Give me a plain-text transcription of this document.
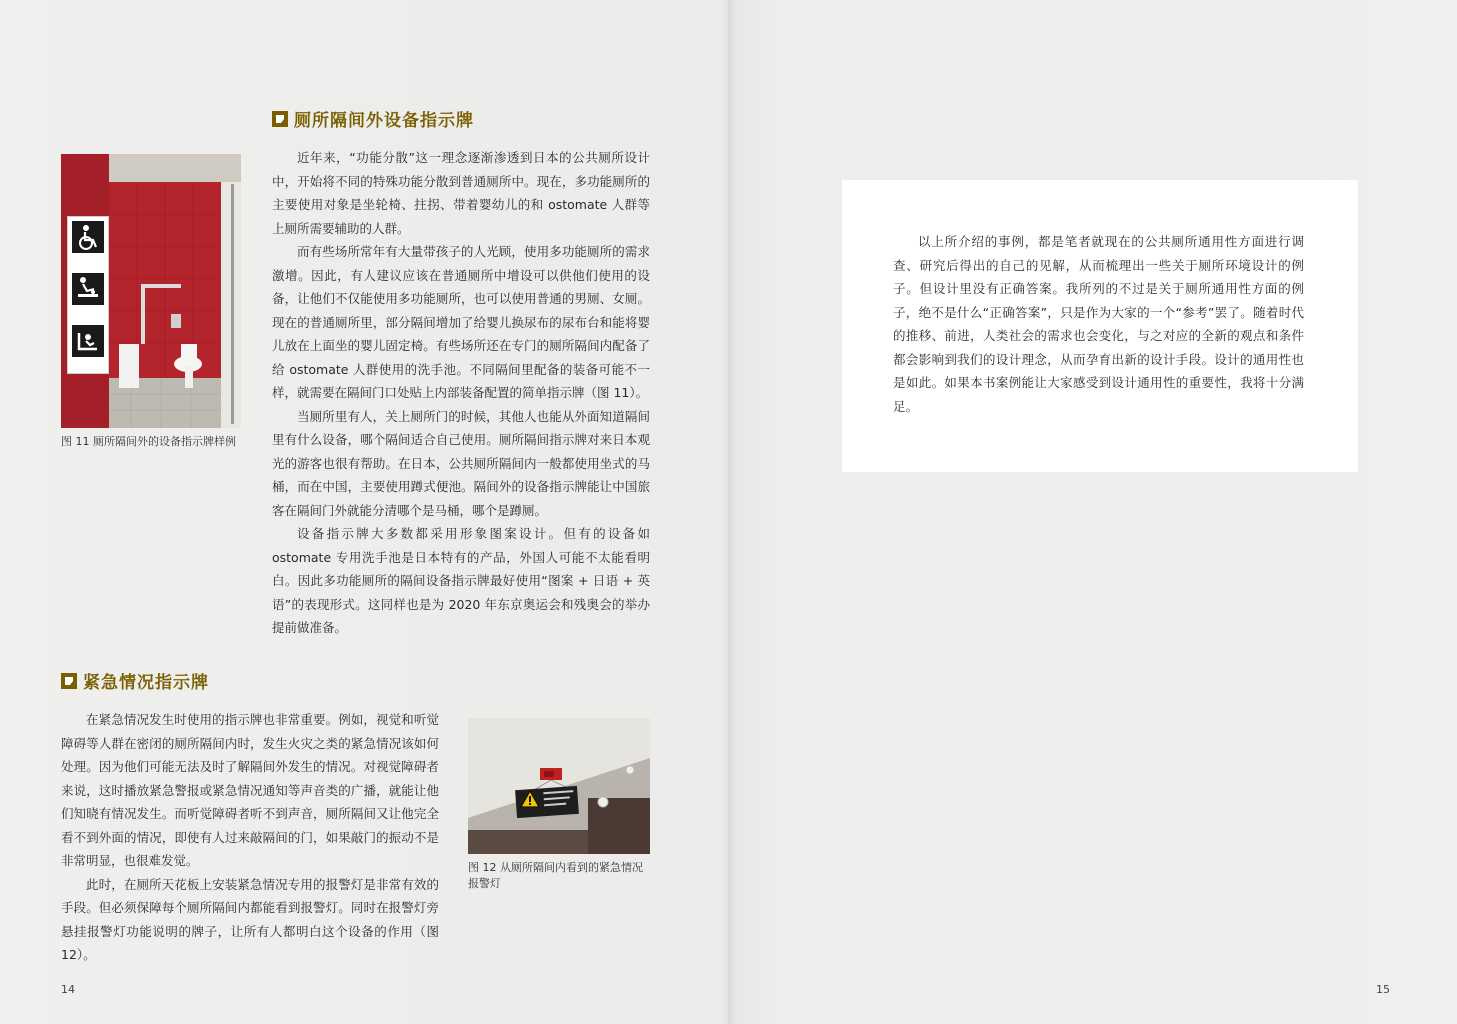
厕所隔间外设备指示牌
图 11 厕所隔间外的设备指示牌样例

近年来，“功能分散”这一理念逐渐渗透到日本的公共厕所设计中，开始将不同的特殊功能分散到普通厕所中。现在，多功能厕所的主要使用对象是坐轮椅、拄拐、带着婴幼儿的和 ostomate 人群等上厕所需要辅助的人群。

而有些场所常年有大量带孩子的人光顾，使用多功能厕所的需求激增。因此，有人建议应该在普通厕所中增设可以供他们使用的设备，让他们不仅能使用多功能厕所，也可以使用普通的男厕、女厕。现在的普通厕所里，部分隔间增加了给婴儿换尿布的尿布台和能将婴儿放在上面坐的婴儿固定椅。有些场所还在专门的厕所隔间内配备了给 ostomate 人群使用的洗手池。不同隔间里配备的装备可能不一样，就需要在隔间门口处贴上内部装备配置的简单指示牌（图 11）。

当厕所里有人，关上厕所门的时候，其他人也能从外面知道隔间里有什么设备，哪个隔间适合自己使用。厕所隔间指示牌对来日本观光的游客也很有帮助。在日本，公共厕所隔间内一般都使用坐式的马桶，而在中国，主要使用蹲式便池。隔间外的设备指示牌能让中国旅客在隔间门外就能分清哪个是马桶，哪个是蹲厕。

设备指示牌大多数都采用形象图案设计。但有的设备如 ostomate 专用洗手池是日本特有的产品，外国人可能不太能看明白。因此多功能厕所的隔间设备指示牌最好使用“图案 + 日语 + 英语”的表现形式。这同样也是为 2020 年东京奥运会和残奥会的举办提前做准备。

紧急情况指示牌

在紧急情况发生时使用的指示牌也非常重要。例如，视觉和听觉障碍等人群在密闭的厕所隔间内时，发生火灾之类的紧急情况该如何处理。因为他们可能无法及时了解隔间外发生的情况。对视觉障碍者来说，这时播放紧急警报或紧急情况通知等声音类的广播，就能让他们知晓有情况发生。而听觉障碍者听不到声音，厕所隔间又让他完全看不到外面的情况，即使有人过来敲隔间的门，如果敲门的振动不是非常明显，也很难发觉。

此时，在厕所天花板上安装紧急情况专用的报警灯是非常有效的手段。但必须保障每个厕所隔间内都能看到报警灯。同时在报警灯旁悬挂报警灯功能说明的牌子，让所有人都明白这个设备的作用（图 12）。

图 12 从厕所隔间内看到的紧急情况报警灯
14

以上所介绍的事例，都是笔者就现在的公共厕所通用性方面进行调查、研究后得出的自己的见解，从而梳理出一些关于厕所环境设计的例子。但设计里没有正确答案。我所列的不过是关于厕所通用性方面的例子，绝不是什么“正确答案”，只是作为大家的一个“参考”罢了。随着时代的推移、前进，人类社会的需求也会变化，与之对应的全新的观点和条件都会影响到我们的设计理念，从而孕育出新的设计手段。设计的通用性也是如此。如果本书案例能让大家感受到设计通用性的重要性，我将十分满足。

15
